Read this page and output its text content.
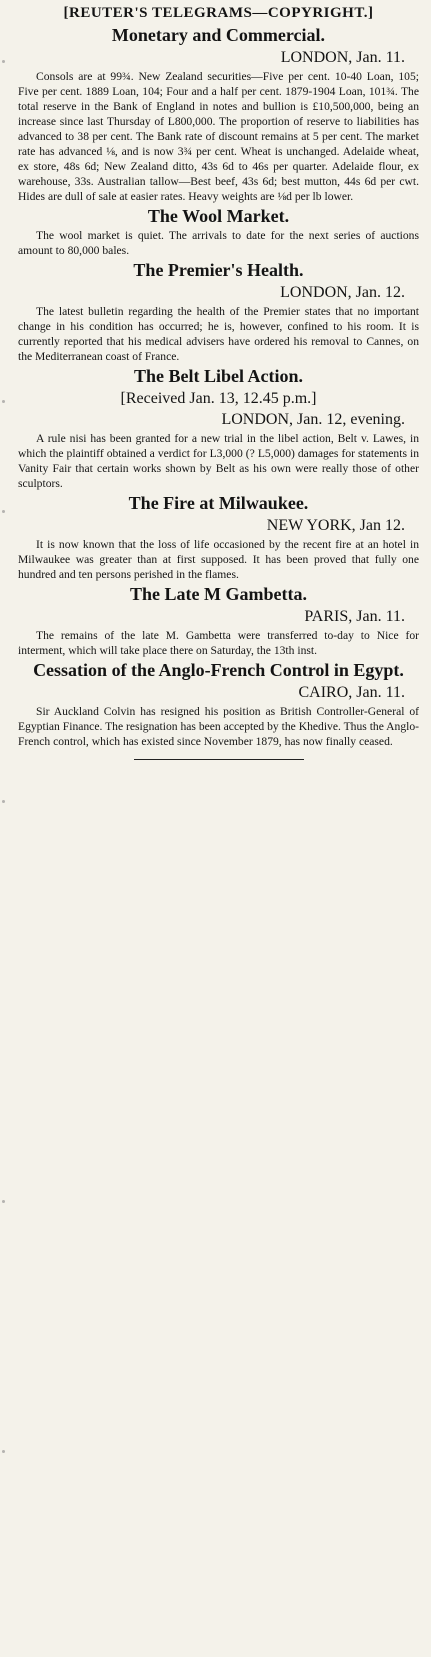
[REUTER'S TELEGRAMS—COPYRIGHT.]
Monetary and Commercial.
LONDON, Jan. 11.

Consols are at 99¾. New Zealand securities—Five per cent. 10-40 Loan, 105; Five per cent. 1889 Loan, 104; Four and a half per cent. 1879-1904 Loan, 101¾. The total reserve in the Bank of England in notes and bullion is £10,500,000, being an increase since last Thursday of L800,000. The proportion of reserve to liabilities has advanced to 38 per cent. The Bank rate of discount remains at 5 per cent. The market rate has advanced ⅛, and is now 3¾ per cent. Wheat is unchanged. Adelaide wheat, ex store, 48s 6d; New Zealand ditto, 43s 6d to 46s per quarter. Adelaide flour, ex warehouse, 33s. Australian tallow—Best beef, 43s 6d; best mutton, 44s 6d per cwt. Hides are dull of sale at easier rates. Heavy weights are ⅛d per lb lower.

The Wool Market.

The wool market is quiet. The arrivals to date for the next series of auctions amount to 80,000 bales.

The Premier's Health.
LONDON, Jan. 12.

The latest bulletin regarding the health of the Premier states that no important change in his condition has occurred; he is, however, confined to his room. It is currently reported that his medical advisers have ordered his removal to Cannes, on the Mediterranean coast of France.

The Belt Libel Action.
[Received Jan. 13, 12.45 p.m.]
LONDON, Jan. 12, evening.

A rule nisi has been granted for a new trial in the libel action, Belt v. Lawes, in which the plaintiff obtained a verdict for L3,000 (? L5,000) damages for statements in Vanity Fair that certain works shown by Belt as his own were really those of other sculptors.

The Fire at Milwaukee.
NEW YORK, Jan 12.

It is now known that the loss of life occasioned by the recent fire at an hotel in Milwaukee was greater than at first supposed. It has been proved that fully one hundred and ten persons perished in the flames.

The Late M Gambetta.
PARIS, Jan. 11.

The remains of the late M. Gambetta were transferred to-day to Nice for interment, which will take place there on Saturday, the 13th inst.

Cessation of the Anglo-French Control in Egypt.
CAIRO, Jan. 11.

Sir Auckland Colvin has resigned his position as British Controller-General of Egyptian Finance. The resignation has been accepted by the Khedive. Thus the Anglo-French control, which has existed since November 1879, has now finally ceased.
